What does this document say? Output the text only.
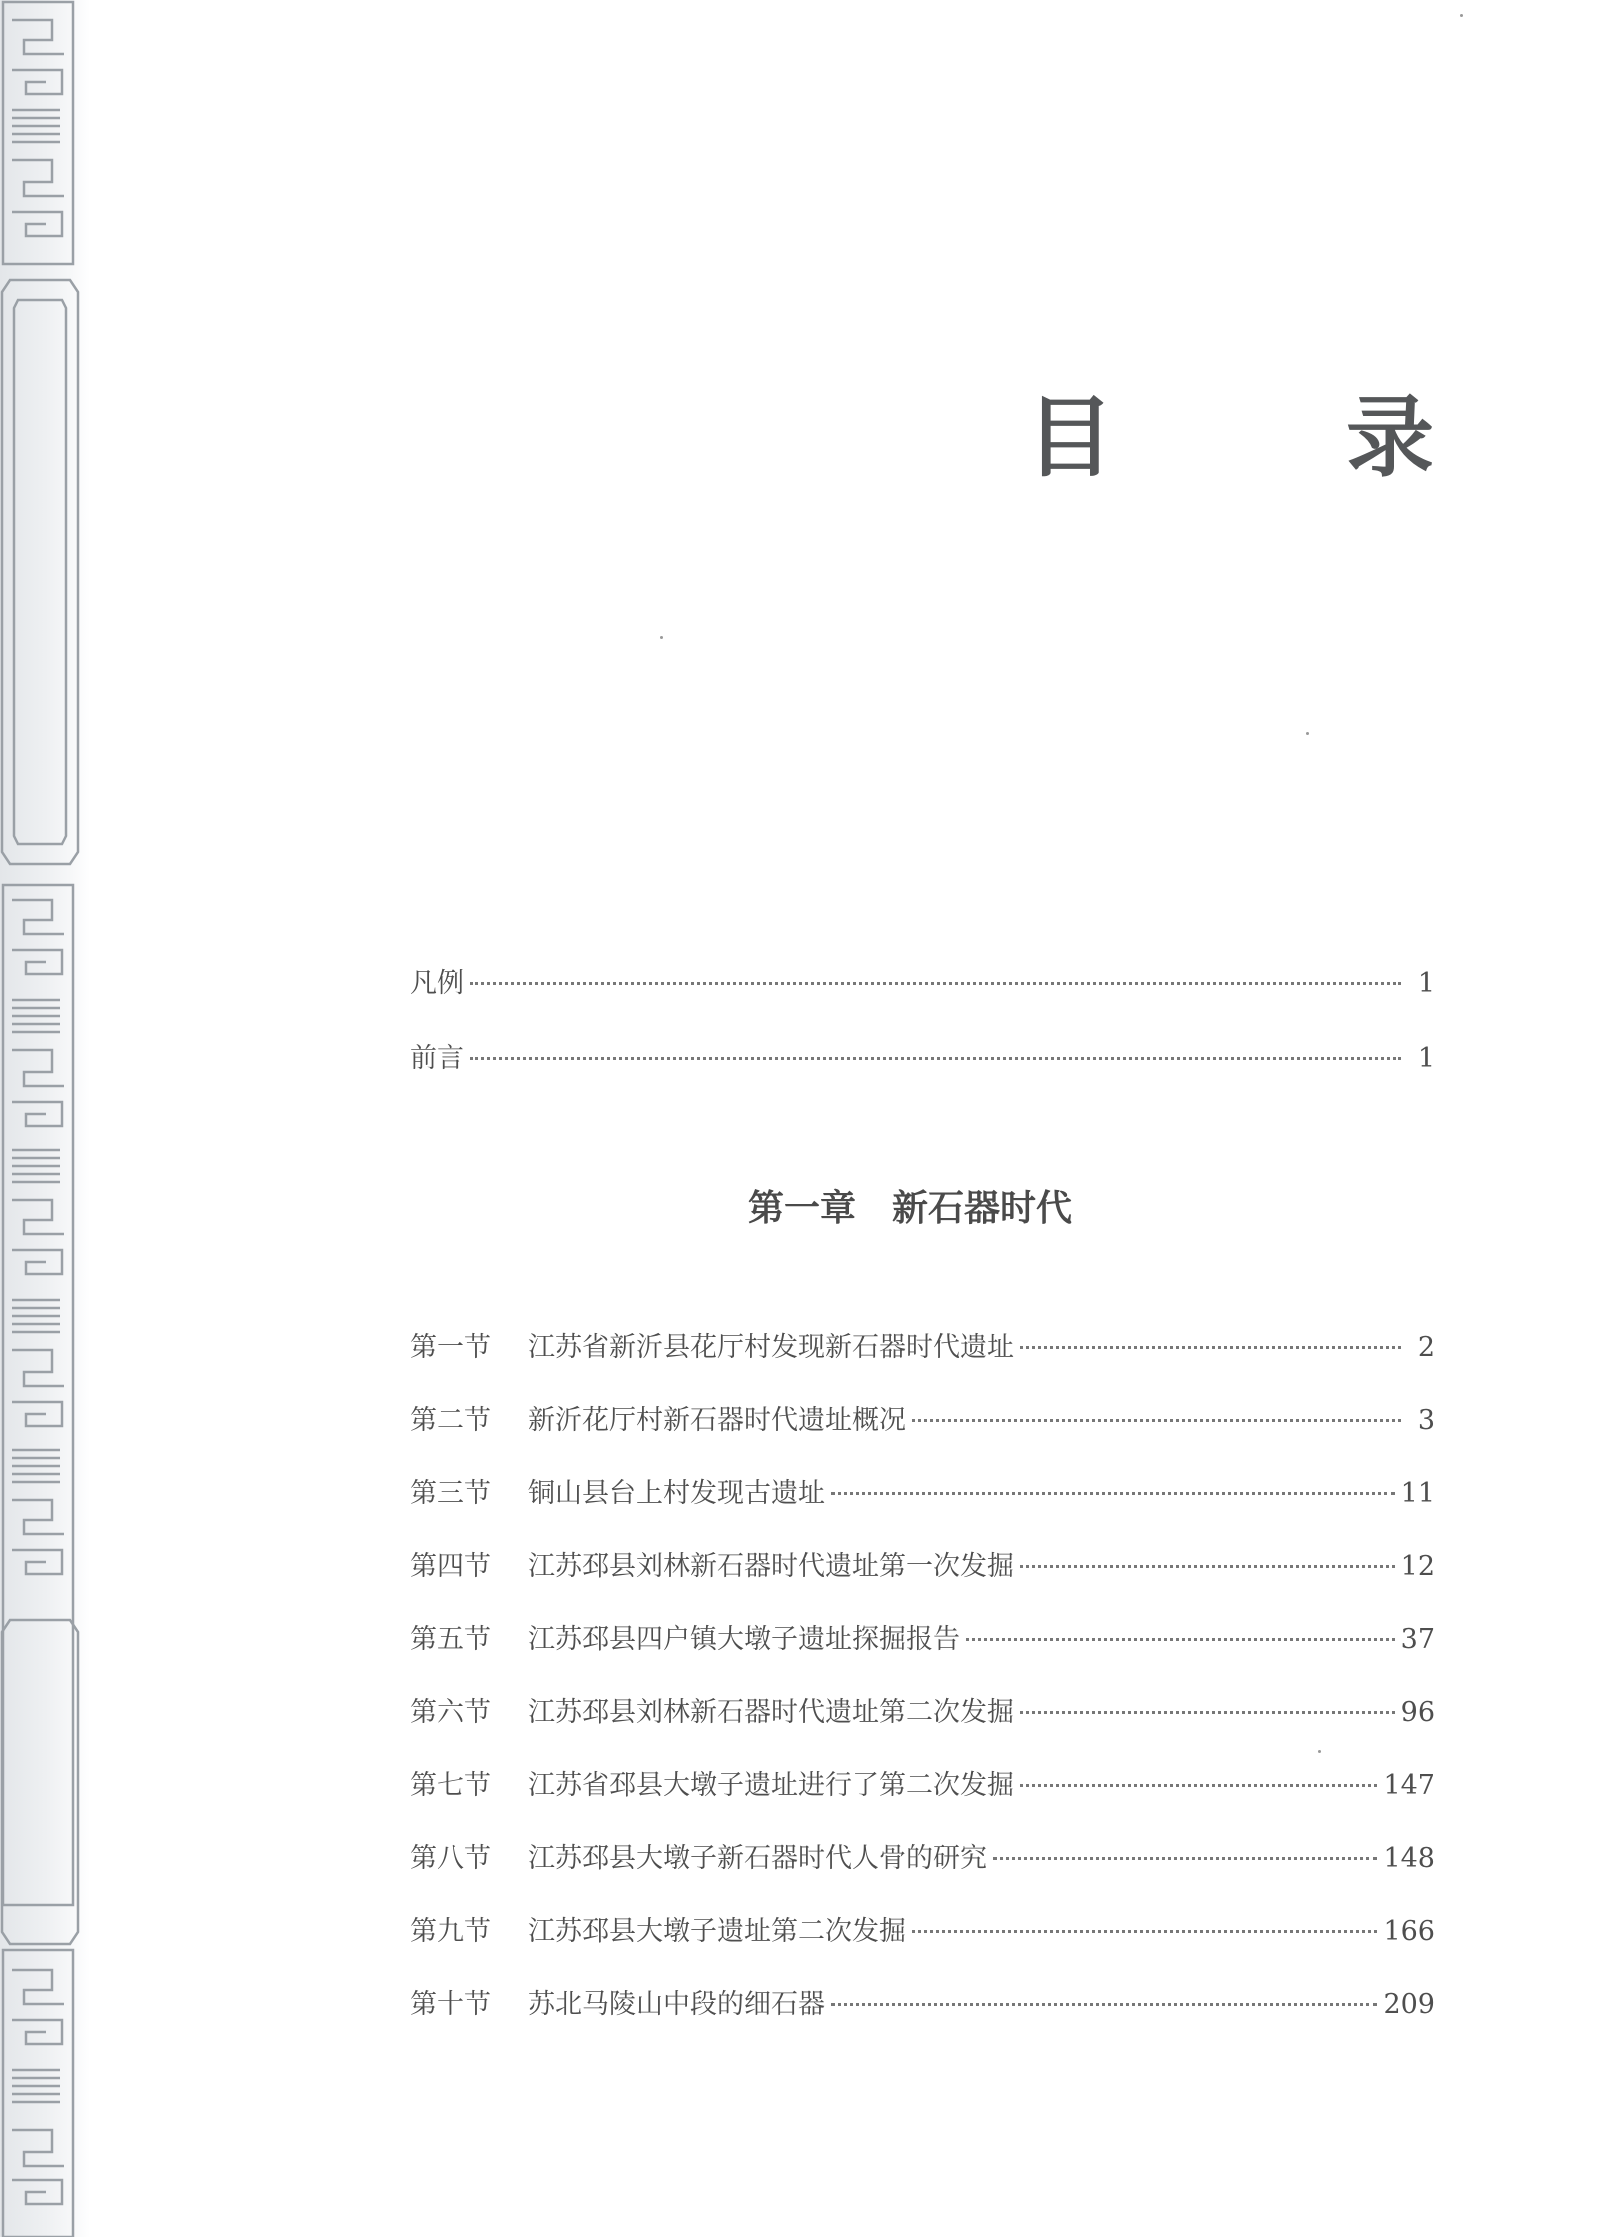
目　录
凡例	1
前言	1
第一章 新石器时代
第一节	江苏省新沂县花厅村发现新石器时代遗址	2
第二节	新沂花厅村新石器时代遗址概况	3
第三节	铜山县台上村发现古遗址	11
第四节	江苏邳县刘林新石器时代遗址第一次发掘	12
第五节	江苏邳县四户镇大墩子遗址探掘报告	37
第六节	江苏邳县刘林新石器时代遗址第二次发掘	96
第七节	江苏省邳县大墩子遗址进行了第二次发掘	147
第八节	江苏邳县大墩子新石器时代人骨的研究	148
第九节	江苏邳县大墩子遗址第二次发掘	166
第十节	苏北马陵山中段的细石器	209
